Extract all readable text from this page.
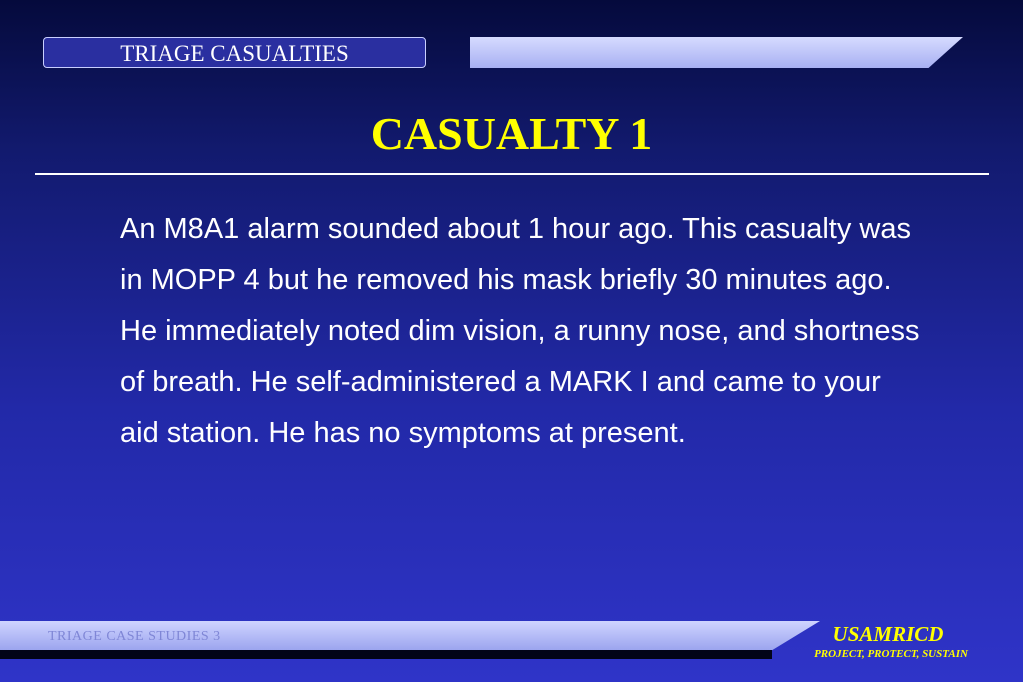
TRIAGE CASUALTIES
CASUALTY 1

An M8A1 alarm sounded about 1 hour ago. This casualty was in MOPP 4 but he removed his mask briefly 30 minutes ago. He immediately noted dim vision, a runny nose, and shortness of breath. He self-administered a MARK I and came to your aid station. He has no symptoms at present.

TRIAGE CASE STUDIES 3	USAMRICD
PROJECT, PROTECT, SUSTAIN
